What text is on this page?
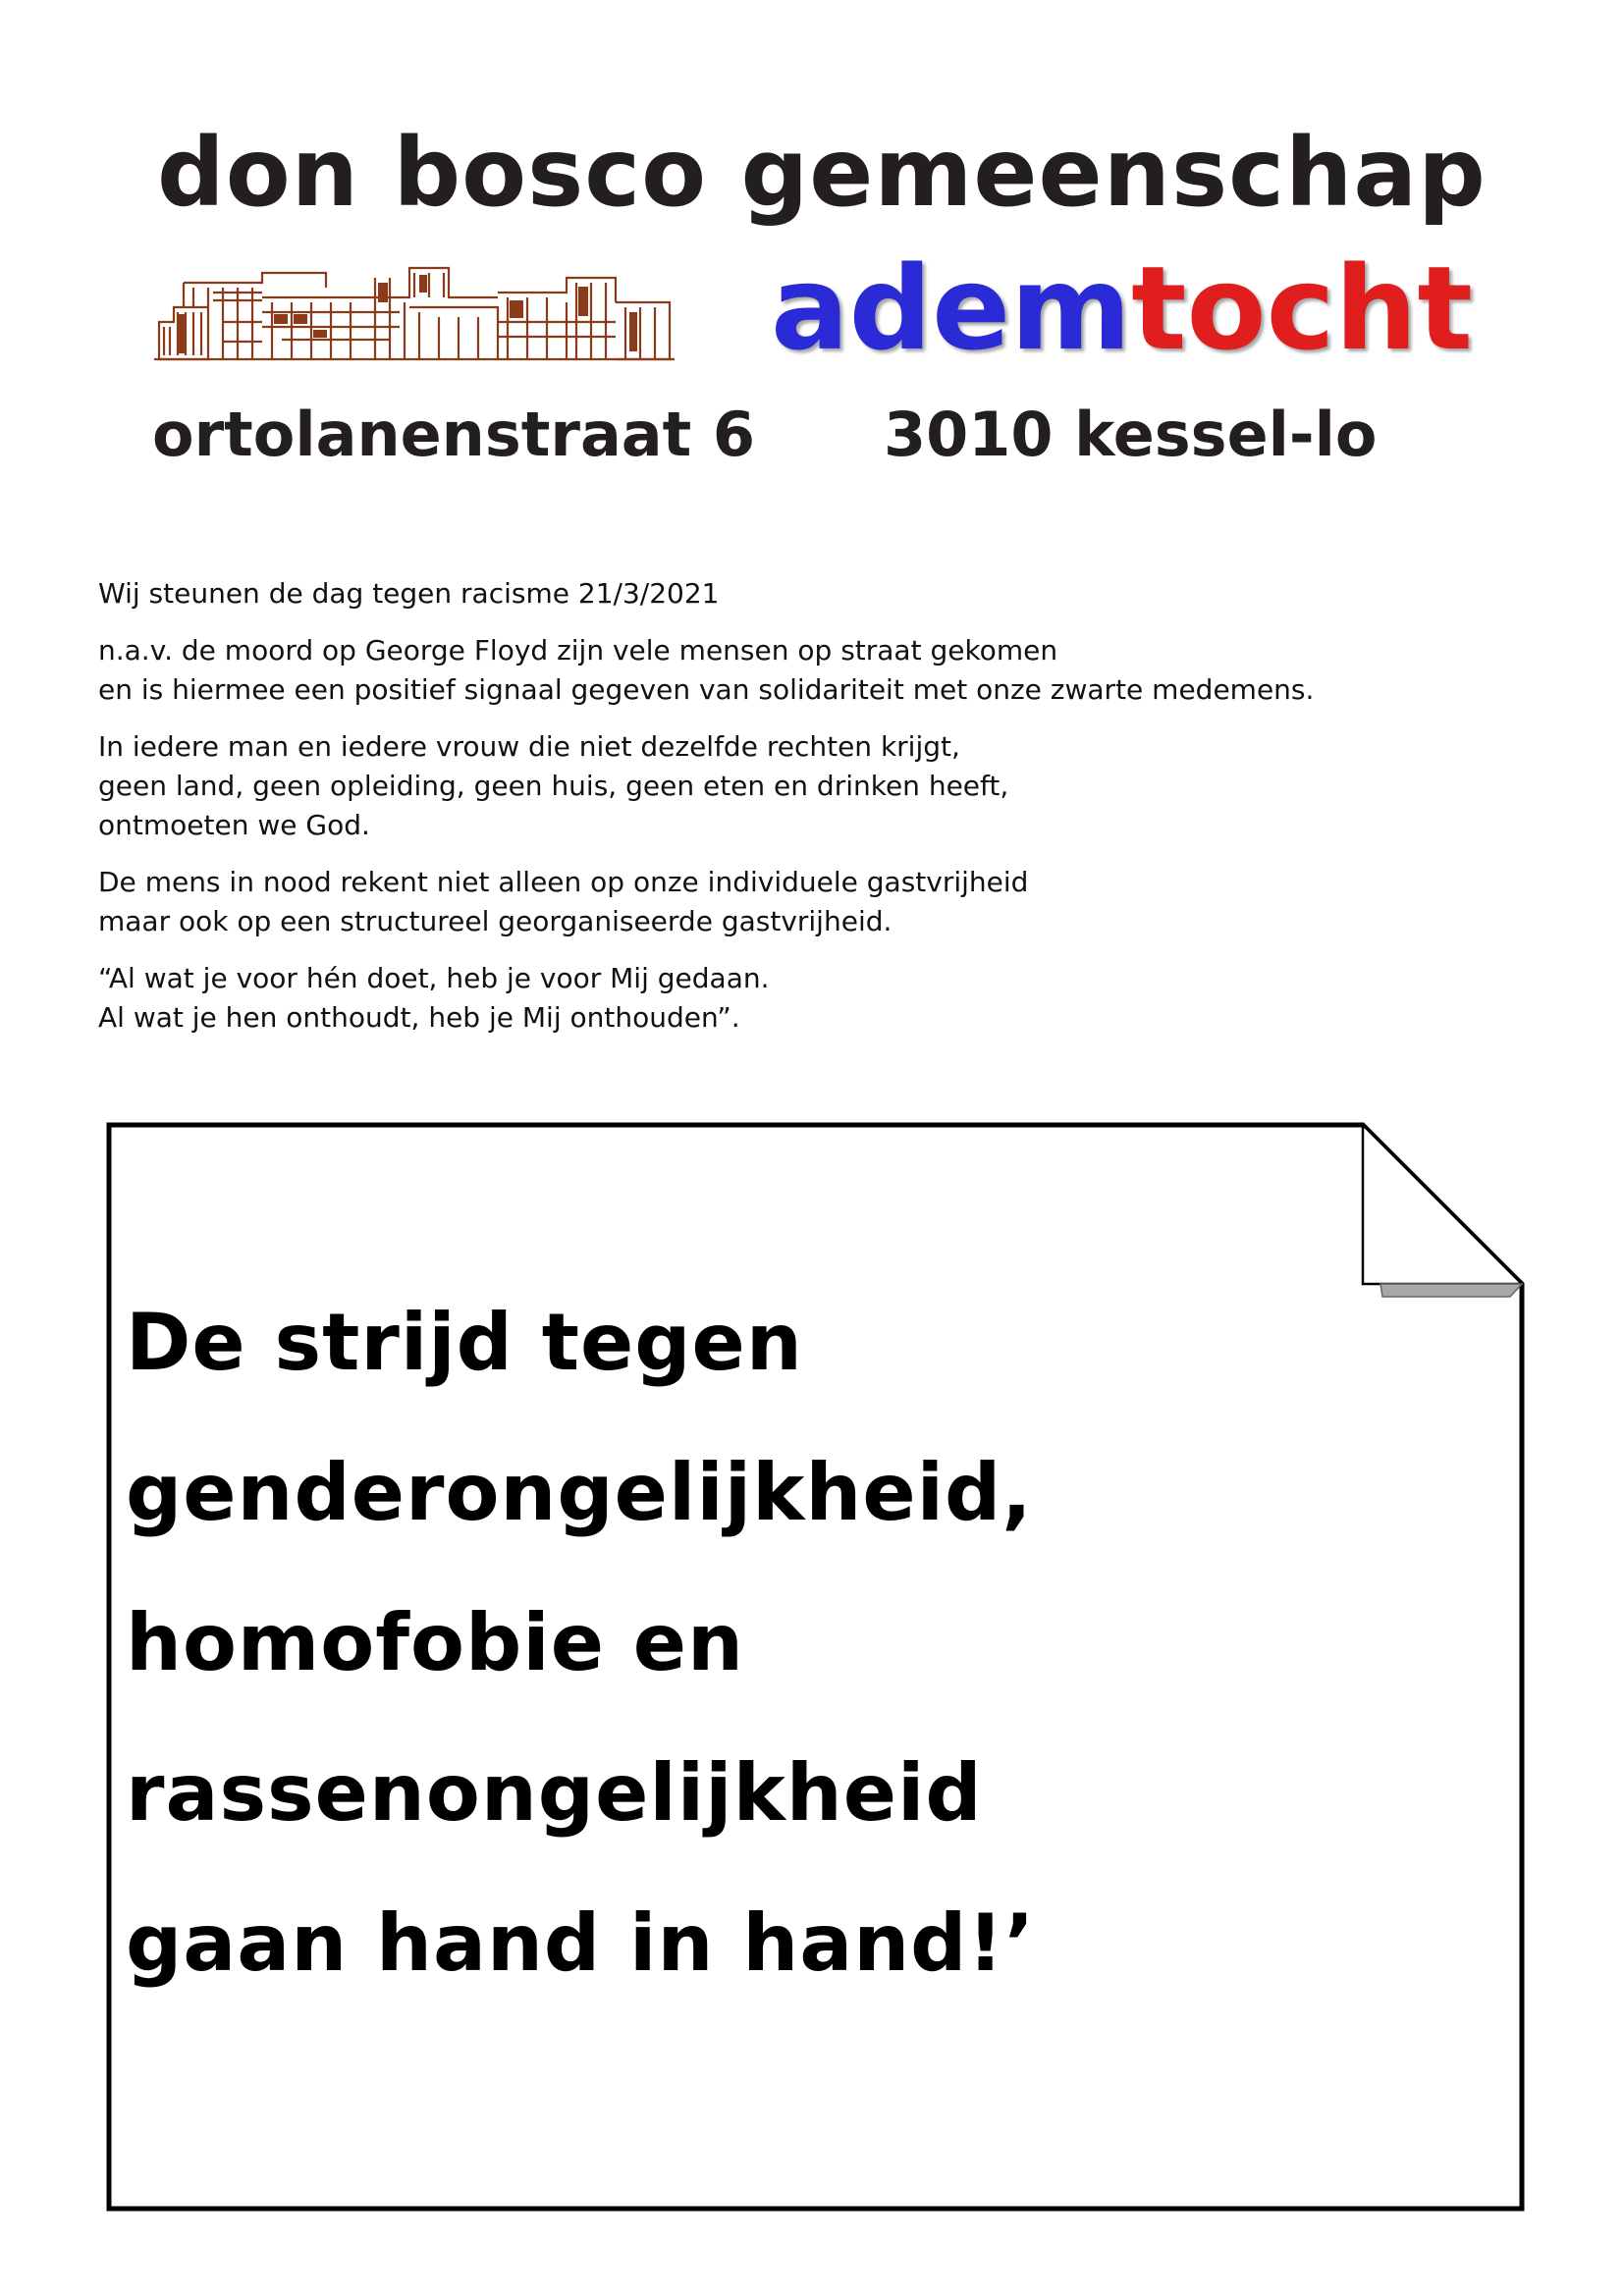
don bosco gemeenschap
ademtocht
ortolanenstraat 6 3010 kessel-lo

Wij steunen de dag tegen racisme 21/3/2021

n.a.v. de moord op George Floyd zijn vele mensen op straat gekomen
en is hiermee een positief signaal gegeven van solidariteit met onze zwarte medemens.

In iedere man en iedere vrouw die niet dezelfde rechten krijgt,
geen land, geen opleiding, geen huis, geen eten en drinken heeft,
ontmoeten we God.

De mens in nood rekent niet alleen op onze individuele gastvrijheid
maar ook op een structureel georganiseerde gastvrijheid.

“Al wat je voor hén doet, heb je voor Mij gedaan.
Al wat je hen onthoudt, heb je Mij onthouden”.

De strijd tegen
genderongelijkheid,
homofobie en
rassenongelijkheid
gaan hand in hand!’
